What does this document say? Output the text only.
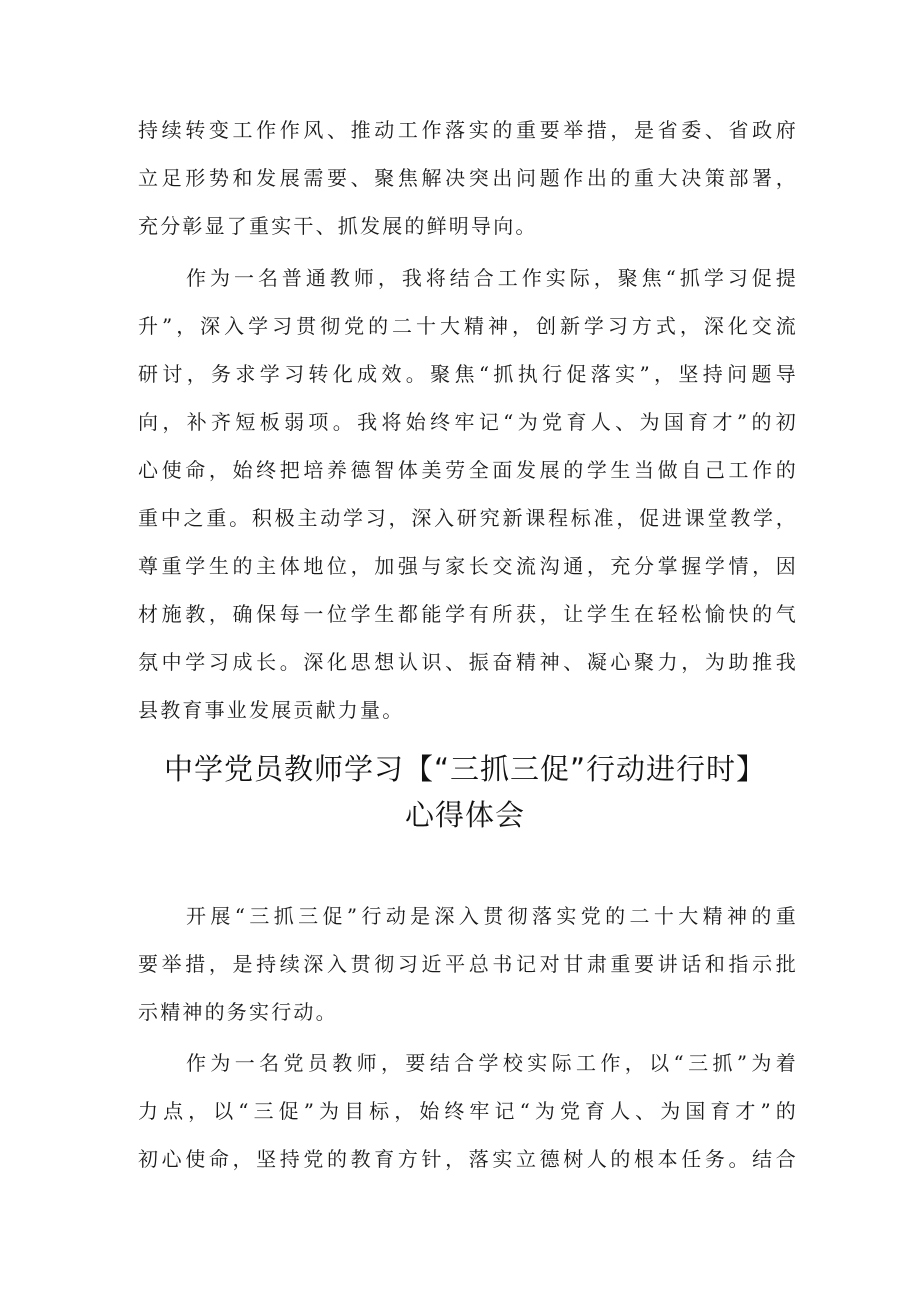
持续转变工作作风、推动工作落实的重要举措，是省委、省政府
立足形势和发展需要、聚焦解决突出问题作出的重大决策部署，
充分彰显了重实干、抓发展的鲜明导向。
作为一名普通教师，我将结合工作实际，聚焦“抓学习促提
升”，深入学习贯彻党的二十大精神，创新学习方式，深化交流
研讨，务求学习转化成效。聚焦“抓执行促落实”，坚持问题导
向，补齐短板弱项。我将始终牢记“为党育人、为国育才”的初
心使命，始终把培养德智体美劳全面发展的学生当做自己工作的
重中之重。积极主动学习，深入研究新课程标准，促进课堂教学，
尊重学生的主体地位，加强与家长交流沟通，充分掌握学情，因
材施教，确保每一位学生都能学有所获，让学生在轻松愉快的气
氛中学习成长。深化思想认识、振奋精神、凝心聚力，为助推我
县教育事业发展贡献力量。
中学党员教师学习【“三抓三促”行动进行时】
心得体会
开展“三抓三促”行动是深入贯彻落实党的二十大精神的重
要举措，是持续深入贯彻习近平总书记对甘肃重要讲话和指示批
示精神的务实行动。
作为一名党员教师，要结合学校实际工作，以“三抓”为着
力点，以“三促”为目标，始终牢记“为党育人、为国育才”的
初心使命，坚持党的教育方针，落实立德树人的根本任务。结合
